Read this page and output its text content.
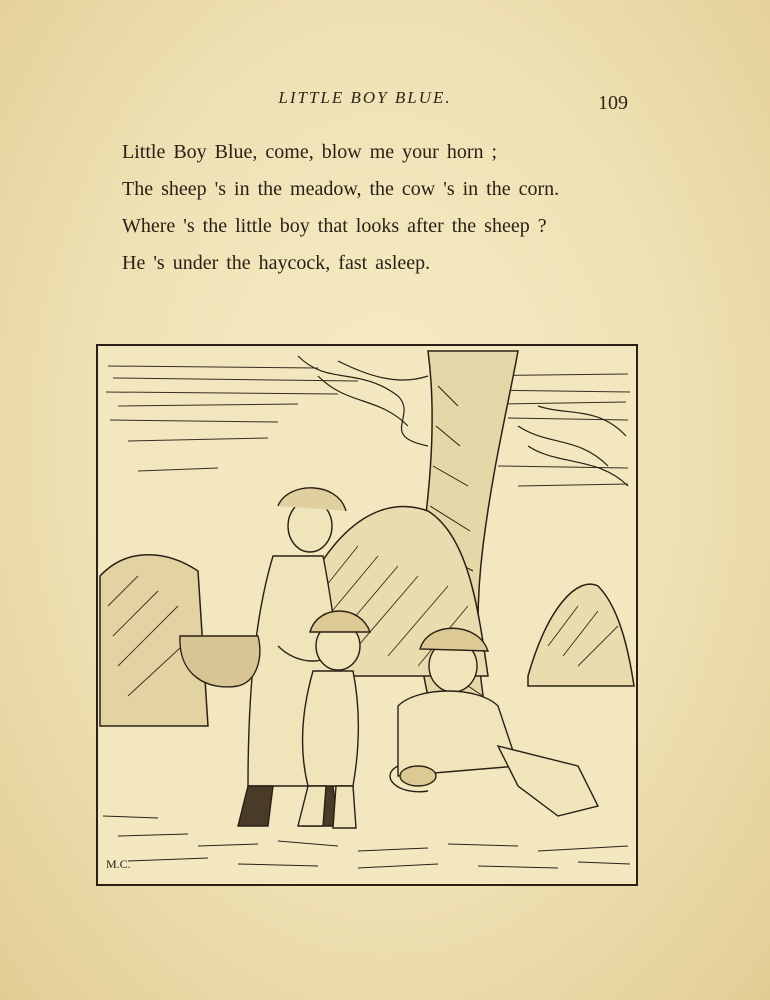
LITTLE BOY BLUE.	109
Little Boy Blue, come, blow me your horn ;
The sheep 's in the meadow, the cow 's in the corn.
Where 's the little boy that looks after the sheep ?
He 's under the haycock, fast asleep.
M.C.
